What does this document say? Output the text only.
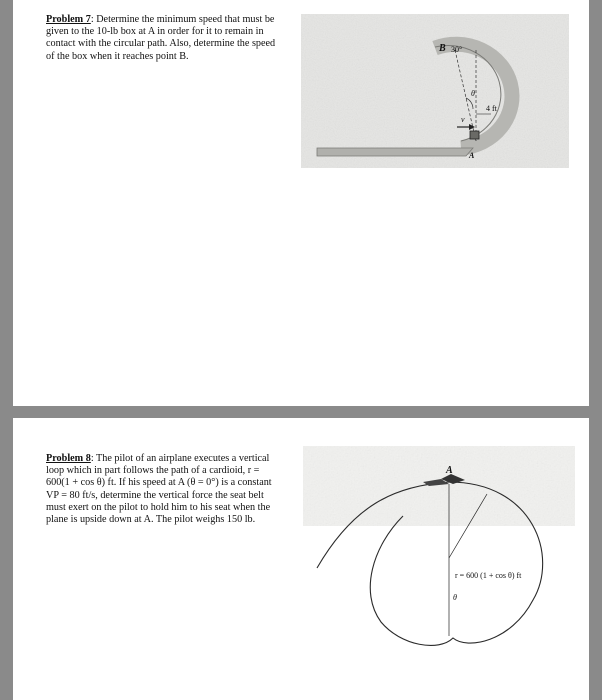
Problem 7: Determine the minimum speed that must be given to the 10-lb box at A in order for it to remain in contact with the circular path. Also, determine the speed of the box when it reaches point B.
B 30°
θ
4 ft
v
A
Problem 8: The pilot of an airplane executes a vertical loop which in part follows the path of a cardioid, r = 600(1 + cos θ) ft. If his speed at A (θ = 0°) is a constant VP = 80 ft/s, determine the vertical force the seat belt must exert on the pilot to hold him to his seat when the plane is upside down at A. The pilot weighs 150 lb.
A
r = 600 (1 + cos θ) ft
θ
